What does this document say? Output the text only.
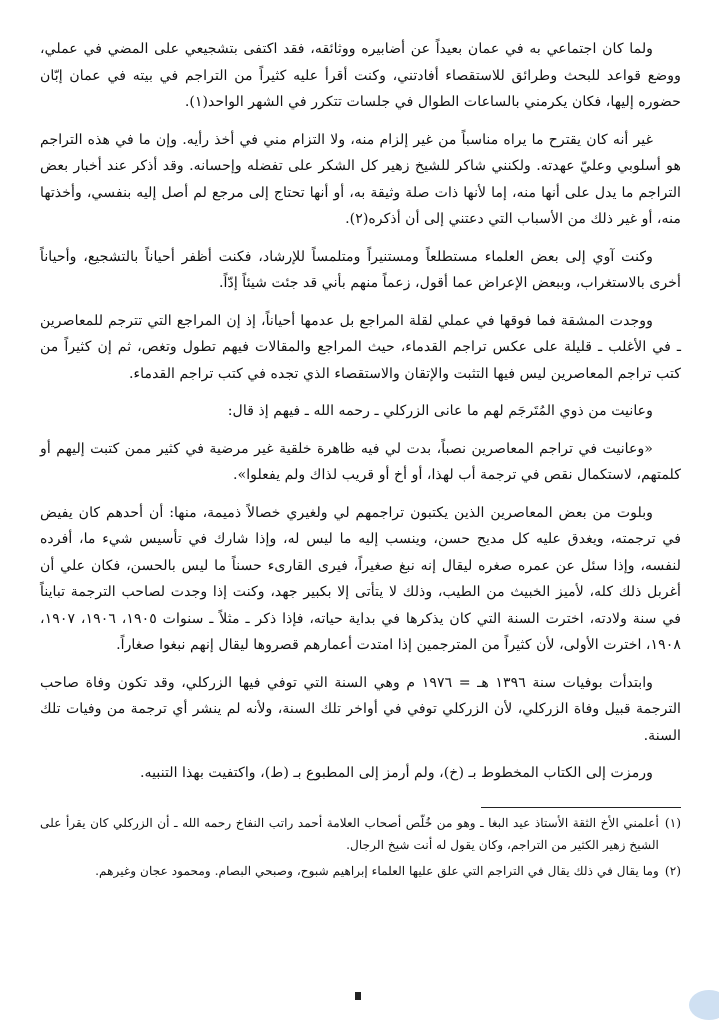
ولما كان اجتماعي به في عمان بعيداً عن أضابيره ووثائقه، فقد اكتفى بتشجيعي على المضي في عملي، ووضع قواعد للبحث وطرائق للاستقصاء أفادتني، وكنت أقرأ عليه كثيراً من التراجم في بيته في عمان إبّان حضوره إليها، فكان يكرمني بالساعات الطوال في جلسات تتكرر في الشهر الواحد(١).

غير أنه كان يقترح ما يراه مناسباً من غير إلزام منه، ولا التزام مني في أخذ رأيه. وإن ما في هذه التراجم هو أسلوبي وعليّ عهدته. ولكنني شاكر للشيخ زهير كل الشكر على تفضله وإحسانه. وقد أذكر عند أخبار بعض التراجم ما يدل على أنها منه، إما لأنها ذات صلة وثيقة به، أو أنها تحتاج إلى مرجع لم أصل إليه بنفسي، وأخذتها منه، أو غير ذلك من الأسباب التي دعتني إلى أن أذكره(٢).

وكنت آوي إلى بعض العلماء مستطلعاً ومستنيراً ومتلمساً للإرشاد، فكنت أظفر أحياناً بالتشجيع، وأحياناً أخرى بالاستغراب، وببعض الإعراض عما أقول، زعماً منهم بأني قد جئت شيئاً إدّاً.

ووجدت المشقة فما فوقها في عملي لقلة المراجع بل عدمها أحياناً، إذ إن المراجع التي تترجم للمعاصرين ـ في الأغلب ـ قليلة على عكس تراجم القدماء، حيث المراجع والمقالات فيهم تطول وتغص، ثم إن كثيراً من كتب تراجم المعاصرين ليس فيها التثبت والإتقان والاستقصاء الذي تجده في كتب تراجم القدماء.

وعانيت من ذوي المُتَرجَم لهم ما عانى الزركلي ـ رحمه الله ـ فيهم إذ قال:

«وعانيت في تراجم المعاصرين نصباً، بدت لي فيه ظاهرة خلقية غير مرضية في كثير ممن كتبت إليهم أو كلمتهم، لاستكمال نقص في ترجمة أب لهذا، أو أخ أو قريب لذاك ولم يفعلوا».

وبلوت من بعض المعاصرين الذين يكتبون تراجمهم لي ولغيري خصالاً ذميمة، منها: أن أحدهم كان يفيض في ترجمته، ويغدق عليه كل مديح حسن، وينسب إليه ما ليس له، وإذا شارك في تأسيس شيء ما، أفرده لنفسه، وإذا سئل عن عمره صغره ليقال إنه نبغ صغيراً، فيرى القارىء حسناً ما ليس بالحسن، فكان علي أن أغربل ذلك كله، لأميز الخبيث من الطيب، وذلك لا يتأتى إلا بكبير جهد، وكنت إذا وجدت لصاحب الترجمة تبايناً في سنة ولادته، اخترت السنة التي كان يذكرها في بداية حياته، فإذا ذكر ـ مثلاً ـ سنوات ١٩٠٥، ١٩٠٦، ١٩٠٧، ١٩٠٨، اخترت الأولى، لأن كثيراً من المترجمين إذا امتدت أعمارهم قصروها ليقال إنهم نبغوا صغاراً.

وابتدأت بوفيات سنة ١٣٩٦ هـ = ١٩٧٦ م وهي السنة التي توفي فيها الزركلي، وقد تكون وفاة صاحب الترجمة قبيل وفاة الزركلي، لأن الزركلي توفي في أواخر تلك السنة، ولأنه لم ينشر أي ترجمة من وفيات تلك السنة.

ورمزت إلى الكتاب المخطوط بـ (خ)، ولم أرمز إلى المطبوع بـ (ط)، واكتفيت بهذا التنبيه.

(١)
أعلمني الأخ الثقة الأستاذ عيد البغا ـ وهو من خُلّص أصحاب العلامة أحمد راتب النفاخ رحمه الله ـ أن الزركلي كان يقرأ على الشيخ زهير الكثير من التراجم، وكان يقول له أنت شيخ الرجال.
(٢)
وما يقال في ذلك يقال في التراجم التي علق عليها العلماء إبراهيم شبوح، وصبحي البصام. ومحمود عجان وغيرهم.
